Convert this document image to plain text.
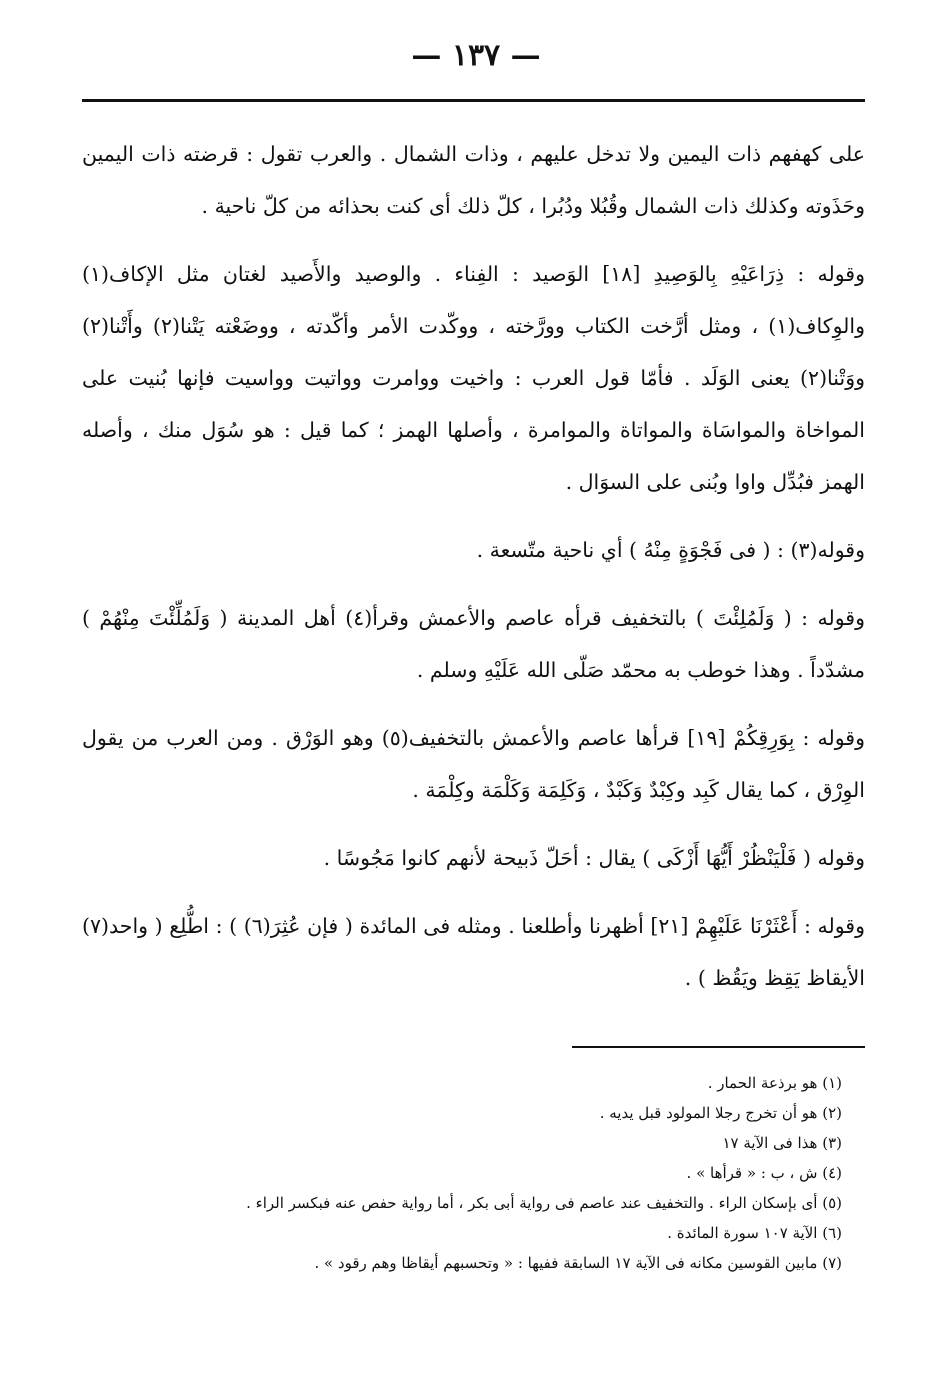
— ١٣٧ —

على كهفهم ذات اليمين ولا تدخل عليهم ، وذات الشمال . والعرب تقول : قرضته ذات اليمين وحَذَوته وكذلك ذات الشمال وقُبُلا ودُبُرا ، كلّ ذلك أى كنت بحذائه من كلّ ناحية .

وقوله : ذِرَاعَيْهِ بِالوَصِيدِ [١٨] الوَصيد : الفِناء . والوصيد والأَصيد لغتان مثل الإكاف(١) والوِكاف(١) ، ومثل أرَّخت الكتاب وورَّخته ، ووكّدت الأمر وأكّدته ، ووضَعْته يَتْنا(٢) وأَتْنا(٢) ووَتْنا(٢) يعنى الوَلَد . فأمّا قول العرب : واخيت ووامرت وواتيت وواسيت فإنها بُنيت على المواخاة والمواسَاة والمواتاة والموامرة ، وأصلها الهمز ؛ كما قيل : هو سُوَل منك ، وأصله الهمز فبُدِّل واوا وبُنى على السوَال .

وقوله(٣) : ( فى فَجْوَةٍ مِنْهُ ) أي ناحية متّسعة .

وقوله : ( وَلَمُلِئْتَ ) بالتخفيف قرأه عاصم والأعمش وقرأ(٤) أهل المدينة ( وَلَمُلِّئْتَ مِنْهُمْ ) مشدّداً . وهذا خوطب به محمّد صَلّى الله عَلَيْهِ وسلم .

وقوله : بِوَرِقِكُمْ [١٩] قرأها عاصم والأعمش بالتخفيف(٥) وهو الوَرْق . ومن العرب من يقول الوِرْق ، كما يقال كَبِد وكِبْدٌ وَكَبْدٌ ، وَكَلِمَة وَكَلْمَة وكِلْمَة .

وقوله ( فَلْيَنْظُرْ أَيُّهَا أَزْكَى ) يقال : أحَلّ ذَبيحة لأنهم كانوا مَجُوسًا .

وقوله : أَعْثَرْنَا عَلَيْهِمْ [٢١] أظهرنا وأطلعنا . ومثله فى المائدة ( فإن عُثِرَ(٦) ) : اطُّلِع ( واحد(٧) الأيقاظ يَقِظ ويَقُظ ) .

(١) هو برذعة الحمار .

(٢) هو أن تخرج رجلا المولود قبل يديه .

(٣) هذا فى الآية ١٧

(٤) ش ، ب : « قرأها » .

(٥) أى بإسكان الراء . والتخفيف عند عاصم فى رواية أبى بكر ، أما رواية حفص عنه فبكسر الراء .

(٦) الآية ١٠٧ سورة المائدة .

(٧) مابين القوسين مكانه فى الآية ١٧ السابقة ففيها : « وتحسبهم أيقاظا وهم رقود » .
